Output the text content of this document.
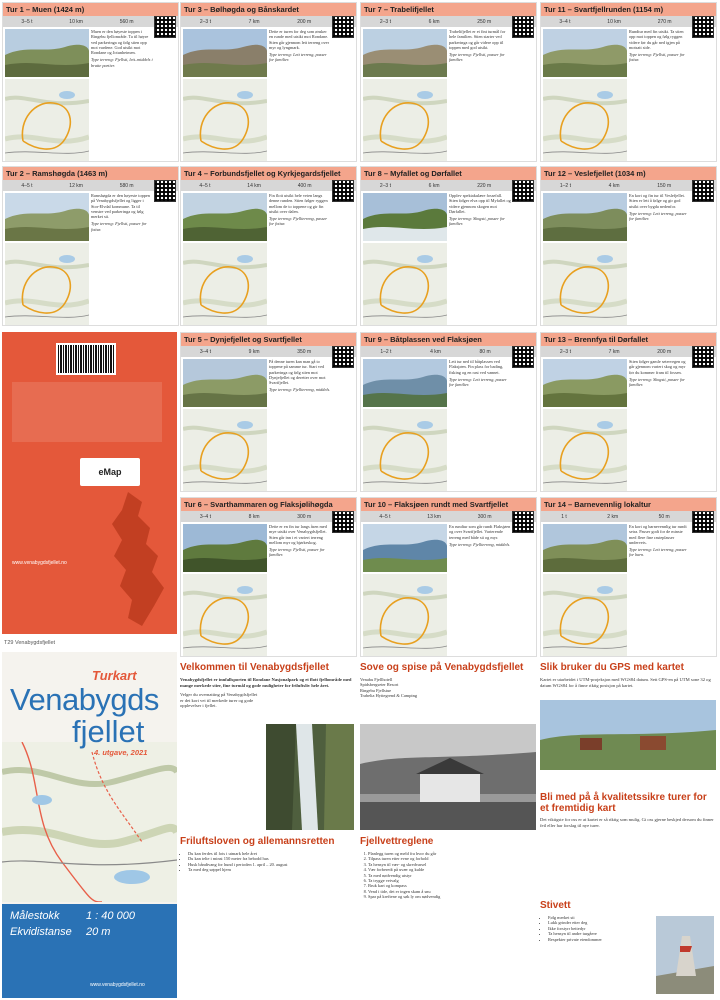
eMap
www.venabygdsfjellet.no
T29 Venabygdsfjellet
Turkart
Venabygds
fjellet
4. utgave, 2021
Målestokk	1 : 40 000
Ekvidistanse	20 m
www.venabygdsfjellet.no
Tur 1 – Muen (1424 m)
3–5 t	10 km	560 m

Muen er den høyeste toppen i Ringebu fjellområde. Ta til høyre ved parkeringa og følg stien opp mot vardene. God utsikt mot Rondane og Jotunheimen.

Type terreng: Fjellsti, lett–middels i bratte partier.
Tur 2 – Ramshøgda (1463 m)
4–5 t	12 km	580 m

Ramshøgda er den høyeste toppen på Venabygdsfjellet og ligger i Stor-Elvdal kommune. Ta til venstre ved parkeringa og følg merket sti.

Type terreng: Fjellsti, passer for fottur.
Tur 3 – Bølhøgda og Bånskardet
2–3 t	7 km	200 m

Dette er turen for deg som ønsker en runde med utsikt mot Rondane. Stien går gjennom lett terreng over myr og lyngmark.

Type terreng: Lett terreng, passer for familier.
Tur 4 – Forbundsfjellet og Kyrkjegardsfjellet
4–5 t	14 km	400 m

Fin flott utsikt hele veien langs denne runden. Stien følger ryggen mellom de to toppene og gir fin utsikt over dalen.

Type terreng: Fjellterreng, passer for fottur.
Tur 5 – Dynjefjellet og Svartfjellet
3–4 t	9 km	350 m

På denne turen kan man gå to toppene på samme tur. Start ved parkeringa og følg stien mot Dynjefjellet og deretter over mot Svartfjellet.

Type terreng: Fjellterreng, middels.
Tur 6 – Svarthammaren og Flaksjølihøgda
3–4 t	8 km	300 m

Dette er en fin tur langs åsen med mye utsikt over Venabygdsfjellet. Stien går inn i et variert terreng mellom myr og bjørkeskog.

Type terreng: Fjellsti, passer for familier.
Tur 7 – Trabelifjellet
2–3 t	6 km	250 m

Trabelifjellet er et fint turmål for hele familien. Stien starter ved parkeringa og går videre opp til toppen med god utsikt.

Type terreng: Fjellsti, passer for familier.
Tur 8 – Myfallet og Dørfallet
2–3 t	6 km	220 m

Opplev spektakulære fossefall. Stien følger elva opp til Myfallet og videre gjennom skogen mot Dørfallet.

Type terreng: Skogsti, passer for familier.
Tur 9 – Båtplassen ved Flaksjøen
1–2 t	4 km	80 m

Lett tur ned til båtplassen ved Flaksjøen. Fin plass for bading, fisking og en rast ved vannet.

Type terreng: Lett terreng, passer for familier.
Tur 10 – Flaksjøen rundt med Svartfjellet
4–5 t	13 km	300 m

En rundtur som går rundt Flaksjøen og over Svartfjellet. Varierende terreng med både sti og myr.

Type terreng: Fjellterreng, middels.
Tur 11 – Svartfjellrunden (1154 m)
3–4 t	10 km	270 m

Rundtur med fin utsikt. Ta stien opp mot toppen og følg ryggen videre før du går ned igjen på motsatt side.

Type terreng: Fjellsti, passer for fottur.
Tur 12 – Veslefjellet (1034 m)
1–2 t	4 km	150 m

En kort og fin tur til Veslefjellet. Stien er lett å følge og gir god utsikt over bygda nedenfor.

Type terreng: Lett terreng, passer for familier.
Tur 13 – Brennfya til Dørfallet
2–3 t	7 km	200 m

Stien følger gamle setervegen og går gjennom variert skog og myr før du kommer fram til fossen.

Type terreng: Skogsti, passer for familier.
Tur 14 – Barnevennlig lokaltur
1 t	2 km	50 m

En kort og barnevennlig tur rundt setra. Passer godt for de minste med flere fine rasteplasser underveis.

Type terreng: Lett terreng, passer for barn.
Velkommen til Venabygdsfjellet
Venabygdsfjellet er innfallsporten til Rondane Nasjonalpark og et flott fjellområde med mange merkede stier, fine turmål og gode muligheter for friluftsliv hele året.
Velger du overnatting på Venabygdsfjellet er det kort vei til merkede turer og gode opplevelser i fjellet.
Sove og spise på Venabygdsfjellet
Venabu Fjellhotell
Spidsbergseter Resort
Ringebu Fjellstue
Trabelia Hyttegrend & Camping
Slik bruker du GPS med kartet
Kartet er utarbeidet i UTM-projeksjon med WGS84 datum. Sett GPS-en på UTM sone 32 og datum WGS84 for å finne riktig posisjon på kartet.
Bli med på å kvalitetssikre turer for et fremtidig kart
Det viktigste for oss er at kartet er så riktig som mulig. Gi oss gjerne beskjed dersom du finner feil eller har forslag til nye turer.
Friluftsloven og allemannsretten
• Du kan ferdes til fots i utmark hele året
• Du kan telte i minst 150 meter fra bebodd hus
• Husk båndtvang for hund i perioden 1. april – 20. august
• Ta med deg søppel hjem
Fjellvettreglene
1. Planlegg turen og meld fra hvor du går
2. Tilpass turen etter evne og forhold
3. Ta hensyn til vær- og skredvarsel
4. Vær forberedt på uvær og kulde
5. Ta med nødvendig utstyr
6. Ta trygge veivalg
7. Bruk kart og kompass
8. Vend i tide, det er ingen skam å snu
9. Spar på kreftene og søk ly om nødvendig
Stivett
• Følg merket sti
• Lukk grinder etter deg
• Ikke forstyrr beitedyr
• Ta hensyn til andre turgåere
• Respekter private eiendommer
